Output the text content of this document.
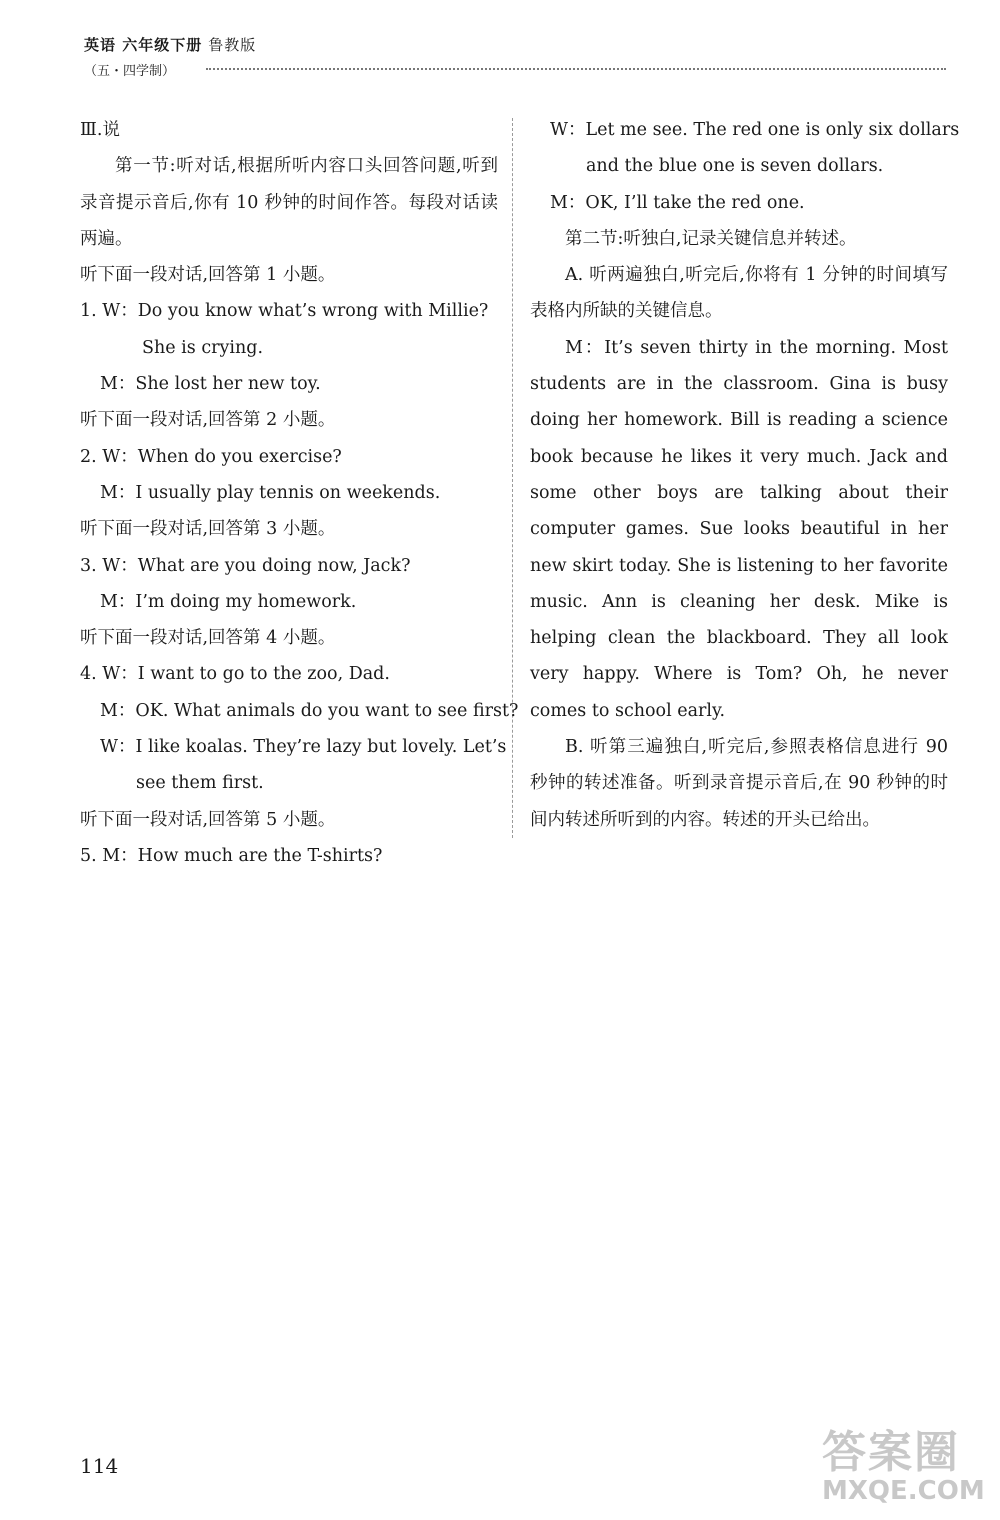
英语 六年级下册 鲁教版
（五・四学制）

Ⅲ.说

第一节:听对话,根据所听内容口头回答问题,听到录音提示音后,你有 10 秒钟的时间作答。每段对话读两遍。

听下面一段对话,回答第 1 小题。

1. W：Do you know what’s wrong with Millie?

She is crying.

M：She lost her new toy.

听下面一段对话,回答第 2 小题。

2. W：When do you exercise?

M：I usually play tennis on weekends.

听下面一段对话,回答第 3 小题。

3. W：What are you doing now, Jack?

M：I’m doing my homework.

听下面一段对话,回答第 4 小题。

4. W：I want to go to the zoo, Dad.

M：OK. What animals do you want to see first?

W：I like koalas. They’re lazy but lovely. Let’s

see them first.

听下面一段对话,回答第 5 小题。

5. M：How much are the T-shirts?

W：Let me see. The red one is only six dollars

and the blue one is seven dollars.

M：OK, I’ll take the red one.

第二节:听独白,记录关键信息并转述。

A. 听两遍独白,听完后,你将有 1 分钟的时间填写表格内所缺的关键信息。

M：It’s seven thirty in the morning. Most students are in the classroom. Gina is busy doing her homework. Bill is reading a science book because he likes it very much. Jack and some other boys are talking about their computer games. Sue looks beautiful in her new skirt today. She is listening to her favorite music. Ann is cleaning her desk. Mike is helping clean the blackboard. They all look very happy. Where is Tom? Oh, he never comes to school early.

B. 听第三遍独白,听完后,参照表格信息进行 90 秒钟的转述准备。听到录音提示音后,在 90 秒钟的时间内转述所听到的内容。转述的开头已给出。

114	答案圈
MXQE.COM
